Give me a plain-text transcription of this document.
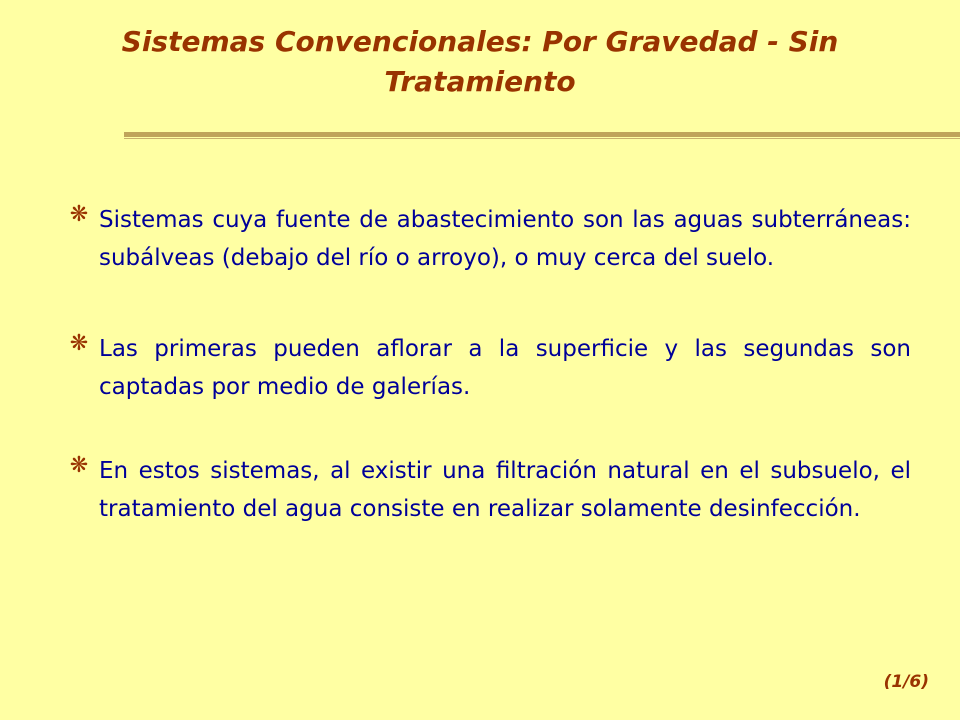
Sistemas Convencionales: Por Gravedad - Sin Tratamiento
❋ Sistemas cuya fuente de abastecimiento son las aguas subterráneas: subálveas (debajo del río o arroyo), o muy cerca del suelo.
❋ Las primeras pueden aflorar a la superficie y las segundas son captadas por medio de galerías.
❋ En estos sistemas, al existir una filtración natural en el subsuelo, el tratamiento del agua consiste en realizar solamente desinfección.
(1/6)
